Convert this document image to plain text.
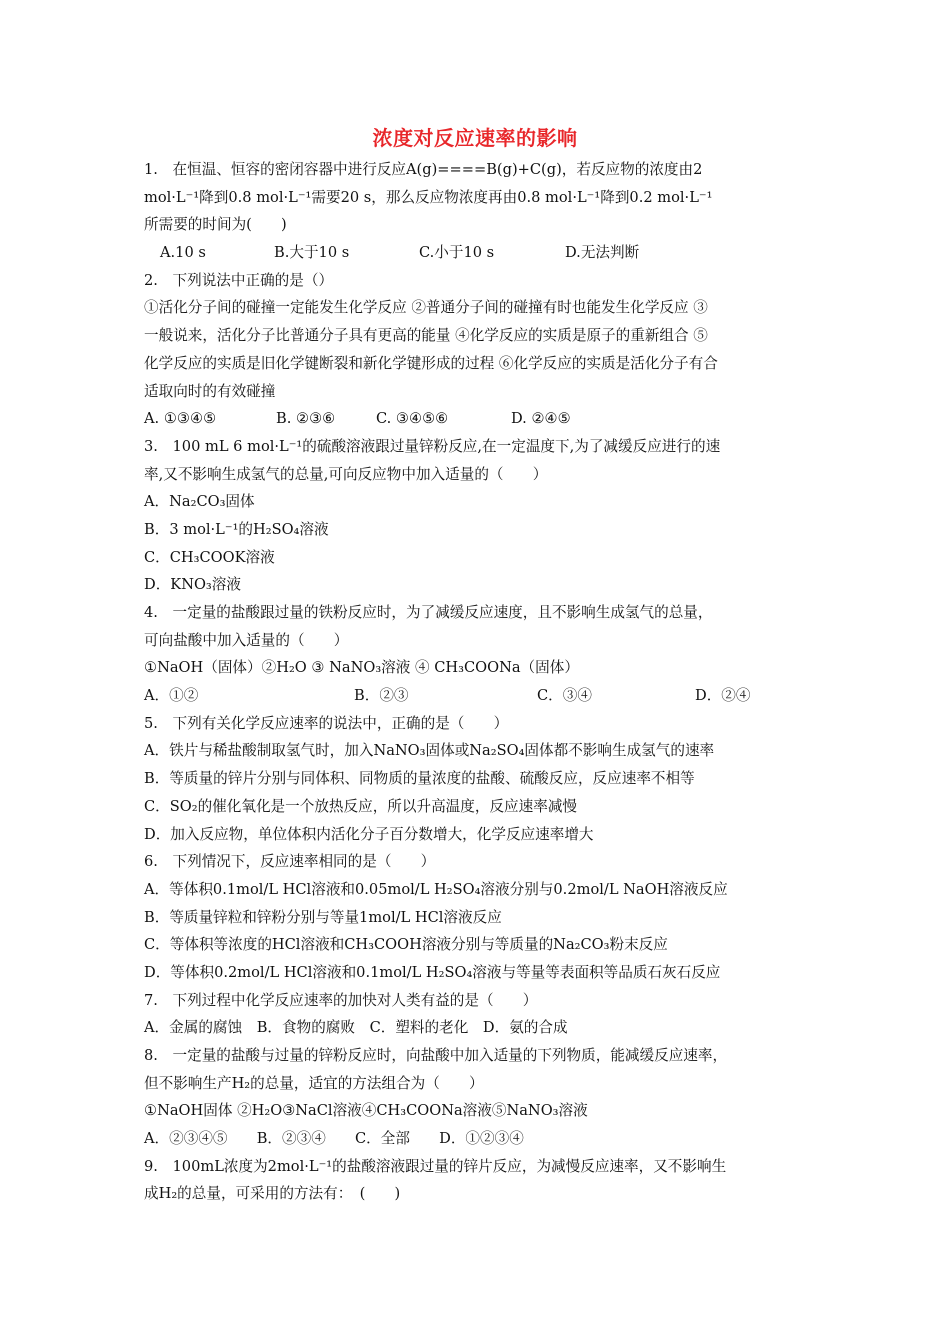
浓度对反应速率的影响
1.　在恒温、恒容的密闭容器中进行反应A(g)====B(g)+C(g)，若反应物的浓度由2
mol·L⁻¹降到0.8 mol·L⁻¹需要20 s，那么反应物浓度再由0.8 mol·L⁻¹降到0.2 mol·L⁻¹
所需要的时间为(　　)
A.10 s	B.大于10 s	C.小于10 s	D.无法判断
2.　下列说法中正确的是（）
①活化分子间的碰撞一定能发生化学反应 ②普通分子间的碰撞有时也能发生化学反应 ③
一般说来，活化分子比普通分子具有更高的能量 ④化学反应的实质是原子的重新组合 ⑤
化学反应的实质是旧化学键断裂和新化学键形成的过程 ⑥化学反应的实质是活化分子有合
适取向时的有效碰撞
A. ①③④⑤	B. ②③⑥	C. ③④⑤⑥	D. ②④⑤
3.　100 mL 6 mol·L⁻¹的硫酸溶液跟过量锌粉反应,在一定温度下,为了减缓反应进行的速
率,又不影响生成氢气的总量,可向反应物中加入适量的（　　）
A．Na₂CO₃固体
B．3 mol·L⁻¹的H₂SO₄溶液
C．CH₃COOK溶液
D．KNO₃溶液
4.　一定量的盐酸跟过量的铁粉反应时，为了减缓反应速度，且不影响生成氢气的总量，
可向盐酸中加入适量的（　　）
①NaOH（固体）②H₂O ③ NaNO₃溶液 ④ CH₃COONa（固体）
A．①②	B．②③	C．③④	D．②④
5.　下列有关化学反应速率的说法中，正确的是（　　）
A．铁片与稀盐酸制取氢气时，加入NaNO₃固体或Na₂SO₄固体都不影响生成氢气的速率
B．等质量的锌片分别与同体积、同物质的量浓度的盐酸、硫酸反应，反应速率不相等
C．SO₂的催化氧化是一个放热反应，所以升高温度，反应速率减慢
D．加入反应物，单位体积内活化分子百分数增大，化学反应速率增大
6.　下列情况下，反应速率相同的是（　　）
A．等体积0.1mol/L HCl溶液和0.05mol/L H₂SO₄溶液分别与0.2mol/L NaOH溶液反应
B．等质量锌粒和锌粉分别与等量1mol/L HCl溶液反应
C．等体积等浓度的HCl溶液和CH₃COOH溶液分别与等质量的Na₂CO₃粉末反应
D．等体积0.2mol/L HCl溶液和0.1mol/L H₂SO₄溶液与等量等表面积等品质石灰石反应
7.　下列过程中化学反应速率的加快对人类有益的是（　　）
A．金属的腐蚀　B．食物的腐败　C．塑料的老化　D．氨的合成
8.　一定量的盐酸与过量的锌粉反应时，向盐酸中加入适量的下列物质，能减缓反应速率，
但不影响生产H₂的总量，适宜的方法组合为（　　）
①NaOH固体 ②H₂O③NaCl溶液④CH₃COONa溶液⑤NaNO₃溶液
A．②③④⑤　　B．②③④　　C．全部　　D．①②③④
9.　100mL浓度为2mol·L⁻¹的盐酸溶液跟过量的锌片反应，为减慢反应速率，又不影响生
成H₂的总量，可采用的方法有：　(　　)
